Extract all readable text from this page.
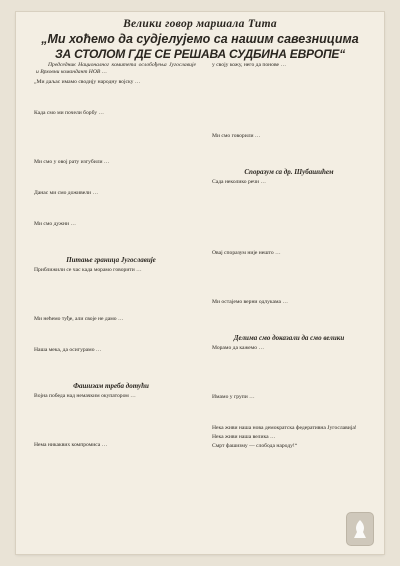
Велики говор маршала Тита
„Ми хоћемо да судјелујемо са нашим савезницима
ЗА СТОЛОМ ГДЕ СЕ РЕШАВА СУДБИНА ЕВРОПЕ“

Председник Националног комитета ослобођења Југославије и Врховни командант НОВ …

„Ми даљас имамо сводију народну војску …

Када смо ми почели борбу …

Ми смо у овој рату изгубили …

Данас ми смо доживели …

Ми смо дужни …

Питање граница Југославије

Приближили се час када морамо говорити …

Ми нећемо туђе, али своје не дамо …

Наша мека, да осигурамо …

Фашизам треба дотући

Војна победа над немачким окупатором …

Нема никаквих компромиса …

у своју кожу, него да понове …

Ми смо говорили …

Споразум са др. Шубашићем

Сада неколико речи …

Овај споразум није нешто …

Ми остајемо верни одлукама …

Делима смо доказали да смо велики

Морамо да кажемо …

Имамо у групи …

Нека живи наша нова демократска федеративна Југославија!

Нека живи наша велика …

Смрт фашизму — слобода народу!“
